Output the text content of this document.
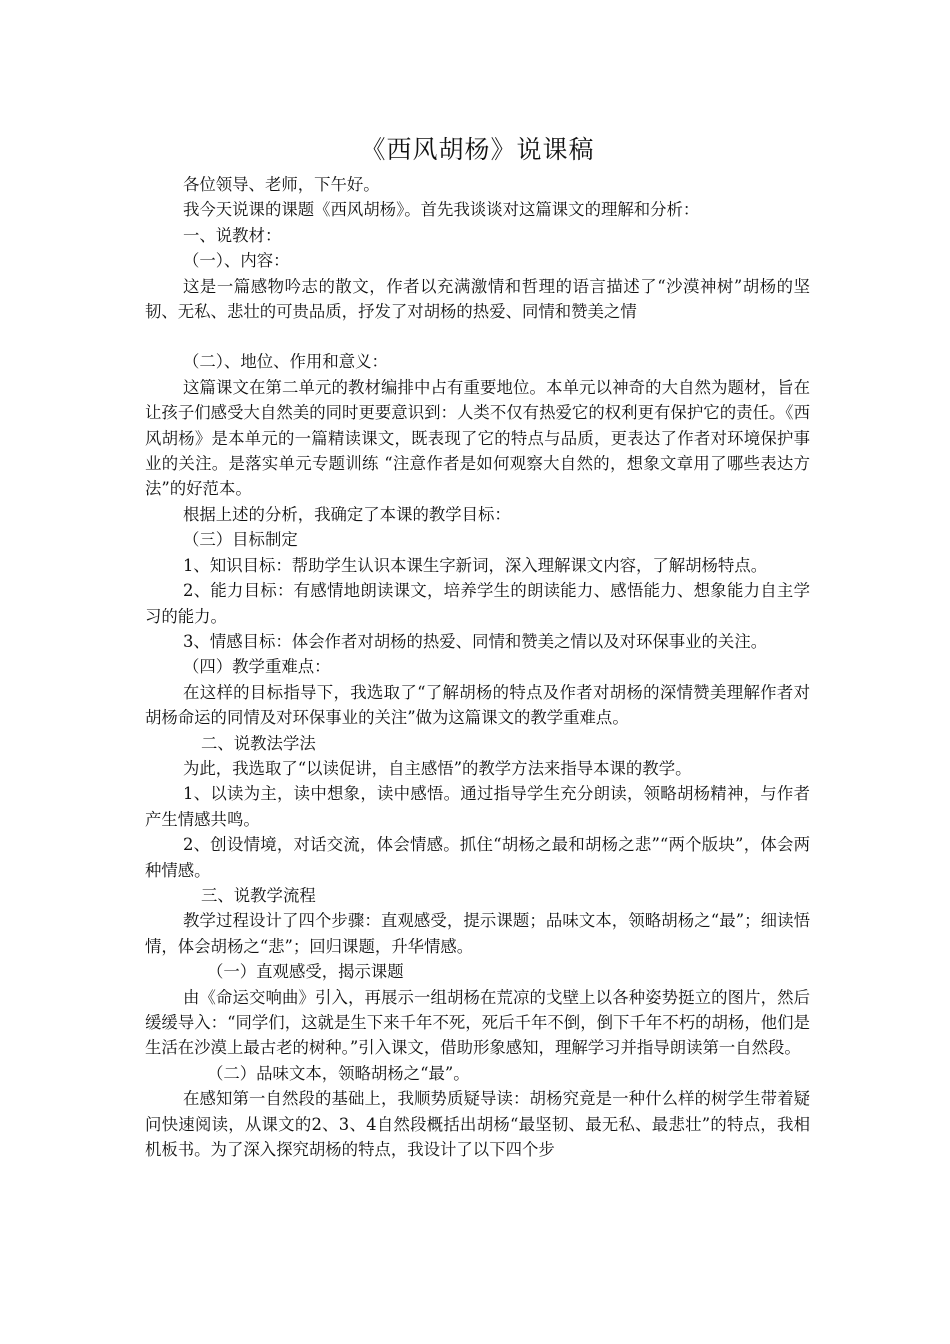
《西风胡杨》说课稿

各位领导、老师，下午好。

我今天说课的课题《西风胡杨》。首先我谈谈对这篇课文的理解和分析：

一、说教材：

（一）、内容：

这是一篇感物吟志的散文，作者以充满激情和哲理的语言描述了“沙漠神树”胡杨的坚韧、无私、悲壮的可贵品质，抒发了对胡杨的热爱、同情和赞美之情

（二）、地位、作用和意义：

这篇课文在第二单元的教材编排中占有重要地位。本单元以神奇的大自然为题材，旨在让孩子们感受大自然美的同时更要意识到：人类不仅有热爱它的权利更有保护它的责任。《西风胡杨》是本单元的一篇精读课文，既表现了它的特点与品质，更表达了作者对环境保护事业的关注。是落实单元专题训练 “注意作者是如何观察大自然的，想象文章用了哪些表达方法”的好范本。

根据上述的分析，我确定了本课的教学目标：

（三）目标制定

1、知识目标：帮助学生认识本课生字新词，深入理解课文内容，了解胡杨特点。

2、能力目标：有感情地朗读课文，培养学生的朗读能力、感悟能力、想象能力自主学习的能力。

3、情感目标：体会作者对胡杨的热爱、同情和赞美之情以及对环保事业的关注。

（四）教学重难点：

在这样的目标指导下，我选取了“了解胡杨的特点及作者对胡杨的深情赞美理解作者对胡杨命运的同情及对环保事业的关注”做为这篇课文的教学重难点。

二、说教法学法

为此，我选取了“以读促讲，自主感悟”的教学方法来指导本课的教学。

1、以读为主，读中想象，读中感悟。通过指导学生充分朗读，领略胡杨精神，与作者产生情感共鸣。

2、创设情境，对话交流，体会情感。抓住“胡杨之最和胡杨之悲”“两个版块”，体会两种情感。

三、说教学流程

教学过程设计了四个步骤：直观感受，提示课题；品味文本，领略胡杨之“最”；细读悟情，体会胡杨之“悲”；回归课题，升华情感。

（一）直观感受，揭示课题

由《命运交响曲》引入，再展示一组胡杨在荒凉的戈壁上以各种姿势挺立的图片，然后缓缓导入：“同学们，这就是生下来千年不死，死后千年不倒，倒下千年不朽的胡杨，他们是生活在沙漠上最古老的树种。”引入课文，借助形象感知，理解学习并指导朗读第一自然段。

（二）品味文本，领略胡杨之“最”。

在感知第一自然段的基础上，我顺势质疑导读：胡杨究竟是一种什么样的树学生带着疑问快速阅读，从课文的2、3、4自然段概括出胡杨“最坚韧、最无私、最悲壮”的特点，我相机板书。为了深入探究胡杨的特点，我设计了以下四个步
